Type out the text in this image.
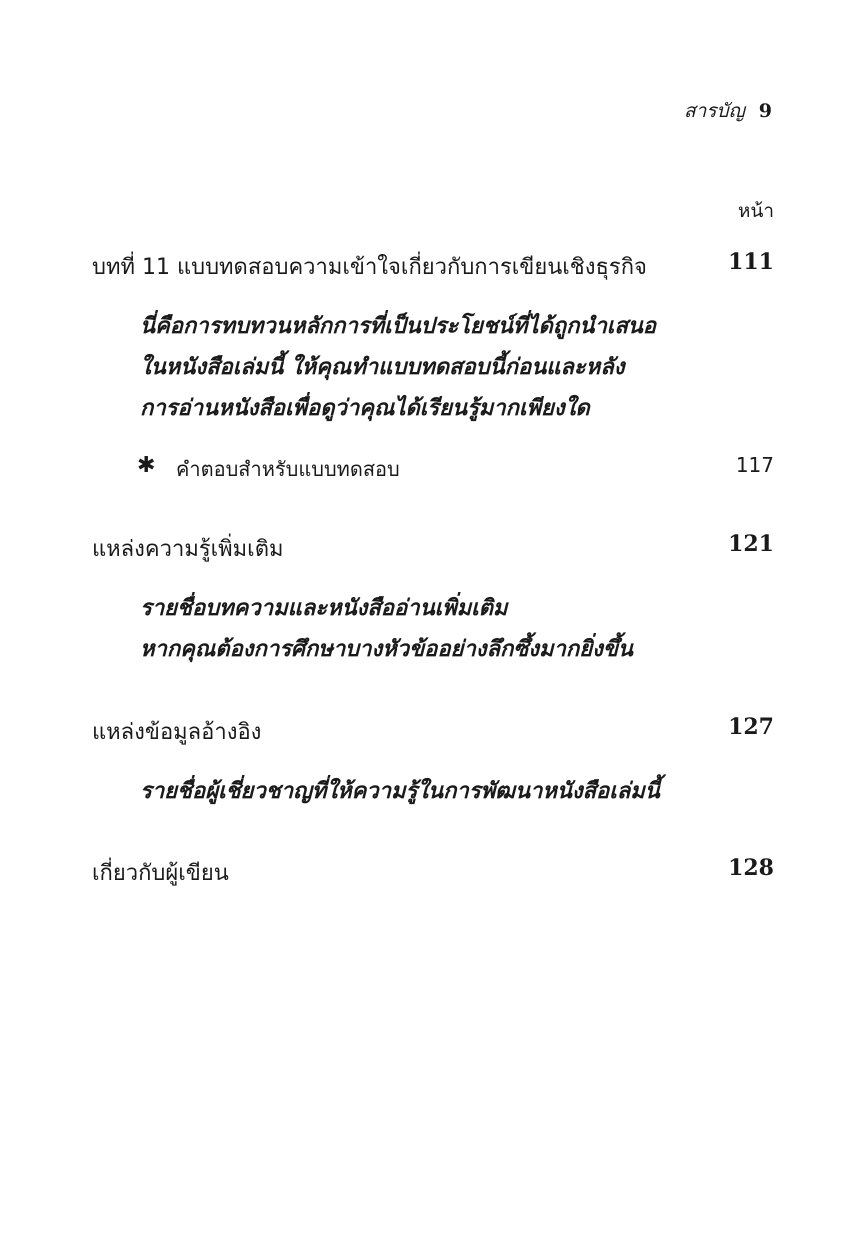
สารบัญ 9
หน้า
บทที่ 11 แบบทดสอบความเข้าใจเกี่ยวกับการเขียนเชิงธุรกิจ	111
นี่คือการทบทวนหลักการที่เป็นประโยชน์ที่ได้ถูกนำเสนอ
ในหนังสือเล่มนี้ ให้คุณทำแบบทดสอบนี้ก่อนและหลัง
การอ่านหนังสือเพื่อดูว่าคุณได้เรียนรู้มากเพียงใด
✱ คำตอบสำหรับแบบทดสอบ	117
แหล่งความรู้เพิ่มเติม	121
รายชื่อบทความและหนังสืออ่านเพิ่มเติม
หากคุณต้องการศึกษาบางหัวข้ออย่างลึกซึ้งมากยิ่งขึ้น
แหล่งข้อมูลอ้างอิง	127
รายชื่อผู้เชี่ยวชาญที่ให้ความรู้ในการพัฒนาหนังสือเล่มนี้
เกี่ยวกับผู้เขียน	128
